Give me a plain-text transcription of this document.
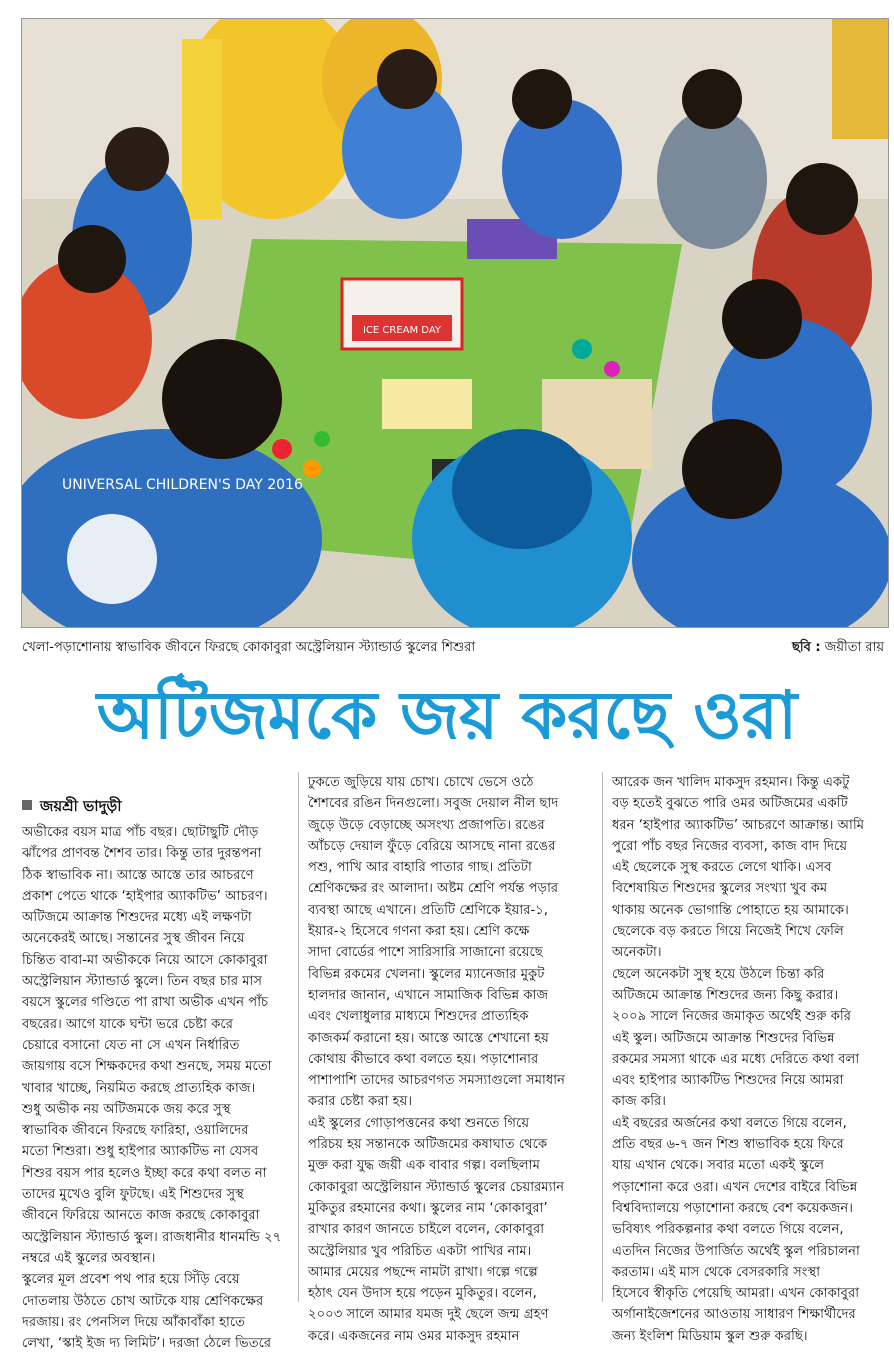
ICE CREAM DAY
UNIVERSAL CHILDREN'S DAY 2016
খেলা-পড়াশোনায় স্বাভাবিক জীবনে ফিরছে কোকাবুরা অস্ট্রেলিয়ান স্ট্যান্ডার্ড স্কুলের শিশুরা	ছবি : জয়ীতা রায়
অটিজমকে জয় করছে ওরা
জয়শ্রী ভাদুড়ী

অভীকের বয়স মাত্র পাঁচ বছর। ছোটাছুটি দৌড়

ঝাঁপের প্রাণবন্ত শৈশব তার। কিন্তু তার দুরন্তপনা

ঠিক স্বাভাবিক না। আস্তে আস্তে তার আচরণে

প্রকাশ পেতে থাকে ‘হাইপার অ্যাকটিভ’ আচরণ।

অটিজমে আক্রান্ত শিশুদের মধ্যে এই লক্ষণটা

অনেকেরই আছে। সন্তানের সুস্থ জীবন নিয়ে

চিন্তিত বাবা-মা অভীককে নিয়ে আসে কোকাবুরা

অস্ট্রেলিয়ান স্ট্যান্ডার্ড স্কুলে। তিন বছর চার মাস

বয়সে স্কুলের গণ্ডিতে পা রাখা অভীক এখন পাঁচ

বছরের। আগে যাকে ঘন্টা ভরে চেষ্টা করে

চেয়ারে বসানো যেত না সে এখন নির্ধারিত

জায়গায় বসে শিক্ষকদের কথা শুনছে, সময় মতো

খাবার খাচ্ছে, নিয়মিত করছে প্রাত্যহিক কাজ।

শুধু অভীক নয় অটিজমকে জয় করে সুস্থ

স্বাভাবিক জীবনে ফিরছে ফারিহা, ওয়ালিদের

মতো শিশুরা। শুধু হাইপার অ্যাকটিভ না যেসব

শিশুর বয়স পার হলেও ইচ্ছা করে কথা বলত না

তাদের মুখেও বুলি ফুটছে। এই শিশুদের সুস্থ

জীবনে ফিরিয়ে আনতে কাজ করছে কোকাবুরা

অস্ট্রেলিয়ান স্ট্যান্ডার্ড স্কুল। রাজধানীর ধানমন্ডি ২৭

নম্বরে এই স্কুলের অবস্থান।

স্কুলের মূল প্রবেশ পথ পার হয়ে সিঁড়ি বেয়ে

দোতলায় উঠতে চোখ আটকে যায় শ্রেণিকক্ষের

দরজায়। রং পেনসিল দিয়ে আঁকাবাঁকা হাতে

লেখা, ‘স্কাই ইজ দ্য লিমিট’। দরজা ঠেলে ভিতরে

ঢুকতে জুড়িয়ে যায় চোখ। চোখে ভেসে ওঠে

শৈশবের রঙিন দিনগুলো। সবুজ দেয়াল নীল ছাদ

জুড়ে উড়ে বেড়াচ্ছে অসংখ্য প্রজাপতি। রঙের

আঁচড়ে দেয়াল ফুঁড়ে বেরিয়ে আসছে নানা রঙের

পশু, পাখি আর বাহারি পাতার গাছ। প্রতিটা

শ্রেণিকক্ষের রং আলাদা। অষ্টম শ্রেণি পর্যন্ত পড়ার

ব্যবস্থা আছে এখানে। প্রতিটি শ্রেণিকে ইয়ার-১,

ইয়ার-২ হিসেবে গণনা করা হয়। শ্রেণি কক্ষে

সাদা বোর্ডের পাশে সারিসারি সাজানো রয়েছে

বিভিন্ন রকমের খেলনা। স্কুলের ম্যানেজার মুকুট

হালদার জানান, এখানে সামাজিক বিভিন্ন কাজ

এবং খেলাধুলার মাধ্যমে শিশুদের প্রাত্যহিক

কাজকর্ম করানো হয়। আস্তে আস্তে শেখানো হয়

কোথায় কীভাবে কথা বলতে হয়। পড়াশোনার

পাশাপাশি তাদের আচরণগত সমস্যাগুলো সমাধান

করার চেষ্টা করা হয়।

এই স্কুলের গোড়াপত্তনের কথা শুনতে গিয়ে

পরিচয় হয় সন্তানকে অটিজমের কষাঘাত থেকে

মুক্ত করা যুদ্ধ জয়ী এক বাবার গল্প। বলছিলাম

কোকাবুরা অস্ট্রেলিয়ান স্ট্যান্ডার্ড স্কুলের চেয়ারম্যান

মুকিতুর রহমানের কথা। স্কুলের নাম ‘কোকাবুরা’

রাখার কারণ জানতে চাইলে বলেন, কোকাবুরা

অস্ট্রেলিয়ার খুব পরিচিত একটা পাখির নাম।

আমার মেয়ের পছন্দে নামটা রাখা। গল্পে গল্পে

হঠাৎ যেন উদাস হয়ে পড়েন মুকিতুর। বলেন,

২০০৩ সালে আমার যমজ দুই ছেলে জন্ম গ্রহণ

করে। একজনের নাম ওমর মাকসুদ রহমান

আরেক জন খালিদ মাকসুদ রহমান। কিন্তু একটু

বড় হতেই বুঝতে পারি ওমর অটিজমের একটি

ধরন ‘হাইপার অ্যাকটিভ’ আচরণে আক্রান্ত। আমি

পুরো পাঁচ বছর নিজের ব্যবসা, কাজ বাদ দিয়ে

এই ছেলেকে সুস্থ করতে লেগে থাকি। এসব

বিশেষায়িত শিশুদের স্কুলের সংখ্যা খুব কম

থাকায় অনেক ভোগান্তি পোহাতে হয় আমাকে।

ছেলেকে বড় করতে গিয়ে নিজেই শিখে ফেলি

অনেকটা।

ছেলে অনেকটা সুস্থ হয়ে উঠলে চিন্তা করি

অটিজমে আক্রান্ত শিশুদের জন্য কিছু করার।

২০০৯ সালে নিজের জমাকৃত অর্থেই শুরু করি

এই স্কুল। অটিজমে আক্রান্ত শিশুদের বিভিন্ন

রকমের সমস্যা থাকে এর মধ্যে দেরিতে কথা বলা

এবং হাইপার অ্যাকটিভ শিশুদের নিয়ে আমরা

কাজ করি।

এই বছরের অর্জনের কথা বলতে গিয়ে বলেন,

প্রতি বছর ৬-৭ জন শিশু স্বাভাবিক হয়ে ফিরে

যায় এখান থেকে। সবার মতো একই স্কুলে

পড়াশোনা করে ওরা। এখন দেশের বাইরে বিভিন্ন

বিশ্ববিদ্যালয়ে পড়াশোনা করছে বেশ কয়েকজন।

ভবিষ্যৎ পরিকল্পনার কথা বলতে গিয়ে বলেন,

এতদিন নিজের উপার্জিত অর্থেই স্কুল পরিচালনা

করতাম। এই মাস থেকে বেসরকারি সংস্থা

হিসেবে স্বীকৃতি পেয়েছি আমরা। এখন কোকাবুরা

অর্গানাইজেশনের আওতায় সাধারণ শিক্ষার্থীদের

জন্য ইংলিশ মিডিয়াম স্কুল শুরু করছি।
